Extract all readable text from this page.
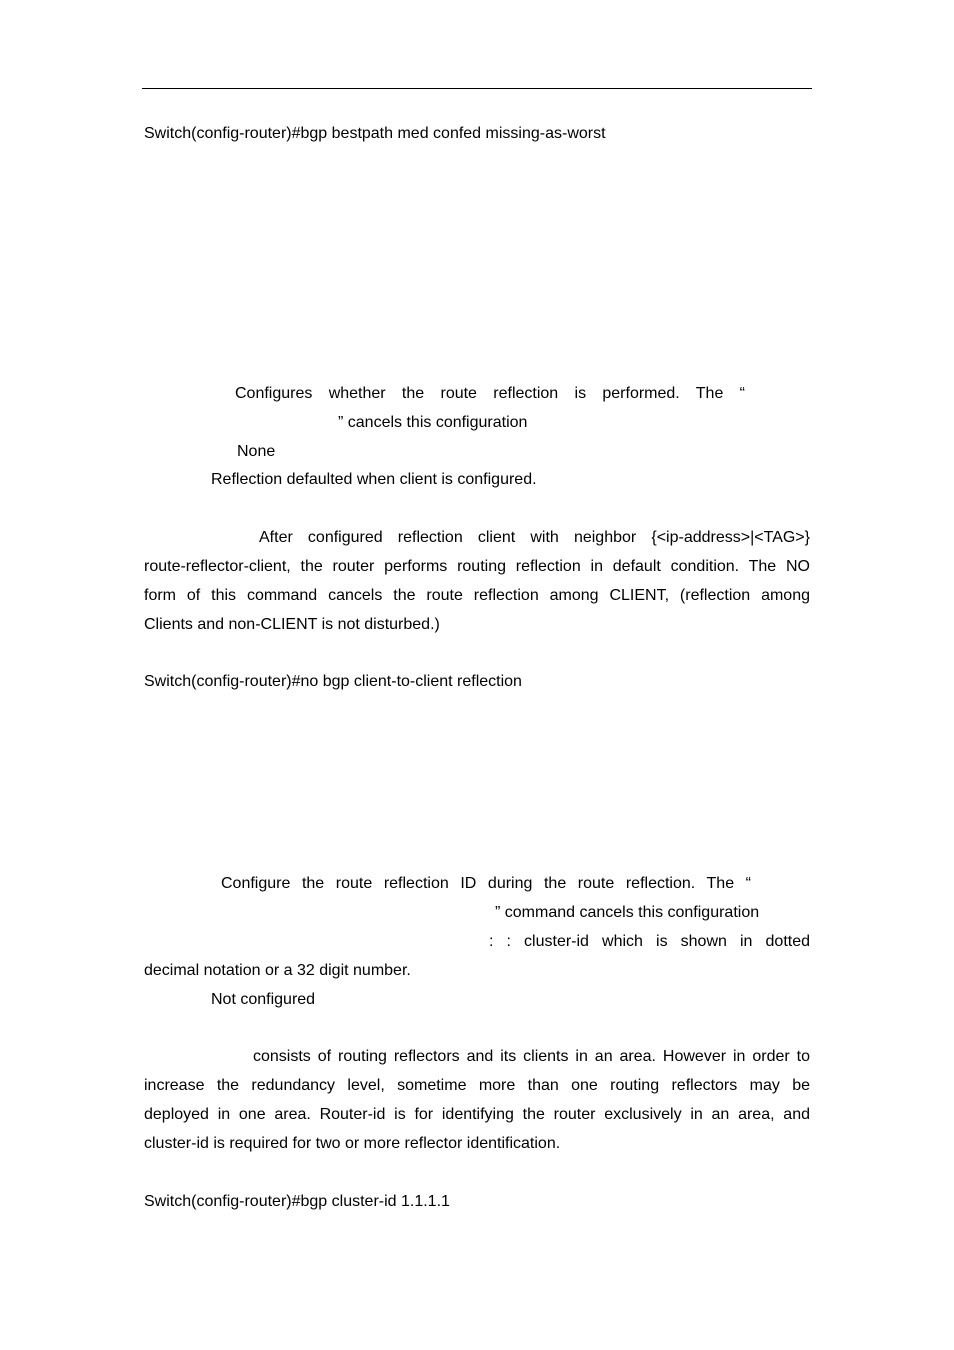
Switch(config-router)#bgp bestpath med confed missing-as-worst
Configures whether the route reflection is performed. The “
” cancels this configuration
None
Reflection defaulted when client is configured.
After configured reflection client with neighbor {<ip-address>|<TAG>}
route-reflector-client, the router performs routing reflection in default condition. The NO
form of this command cancels the route reflection among CLIENT, (reflection among
Clients and non-CLIENT is not disturbed.)
Switch(config-router)#no bgp client-to-client reflection
Configure the route reflection ID during the route reflection. The “
” command cancels this configuration
: : cluster-id which is shown in dotted
decimal notation or a 32 digit number.
Not configured
consists of routing reflectors and its clients in an area. However in order to
increase the redundancy level, sometime more than one routing reflectors may be
deployed in one area. Router-id is for identifying the router exclusively in an area, and
cluster-id is required for two or more reflector identification.
Switch(config-router)#bgp cluster-id 1.1.1.1
